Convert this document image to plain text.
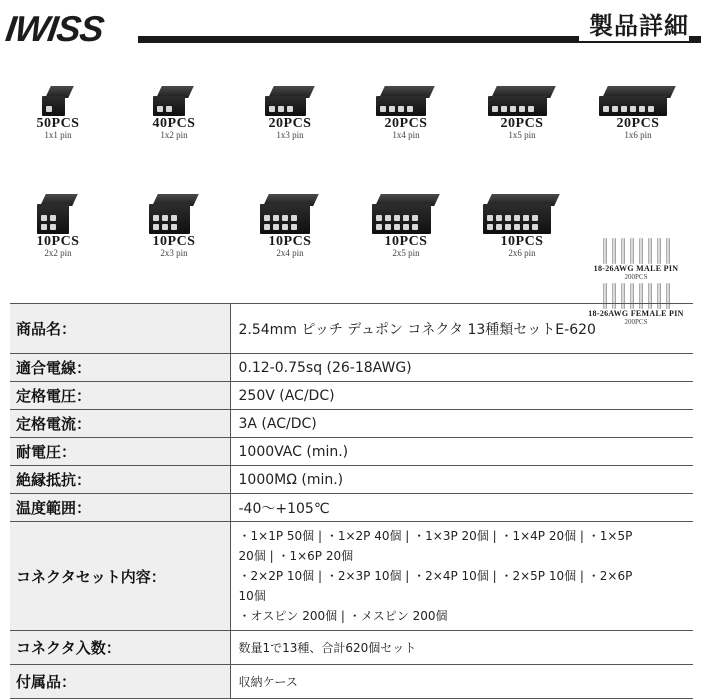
IWISS	製品詳細
50PCS
1x1 pin
40PCS
1x2 pin
20PCS
1x3 pin
20PCS
1x4 pin
20PCS
1x5 pin
20PCS
1x6 pin
10PCS
2x2 pin
10PCS
2x3 pin
10PCS
2x4 pin
10PCS
2x5 pin
10PCS
2x6 pin
18-26AWG MALE PIN
200PCS
18-26AWG FEMALE PIN
200PCS
商品名：	2.54mm ピッチ デュポン コネクタ 13種類セットE-620
適合電線：	0.12-0.75sq (26-18AWG)
定格電圧：	250V (AC/DC)
定格電流：	3A (AC/DC)
耐電圧：	1000VAC (min.)
絶縁抵抗：	1000MΩ (min.)
温度範囲：	-40〜+105℃
コネクタセット内容：	・1×1P 50個 | ・1×2P 40個 | ・1×3P 20個 | ・1×4P 20個 | ・1×5P
20個 | ・1×6P 20個
・2×2P 10個 | ・2×3P 10個 | ・2×4P 10個 | ・2×5P 10個 | ・2×6P
10個
・オスピン 200個 | ・メスピン 200個

コネクタ入数：	数量1で13種、合計620個セット
付属品：	収納ケース
